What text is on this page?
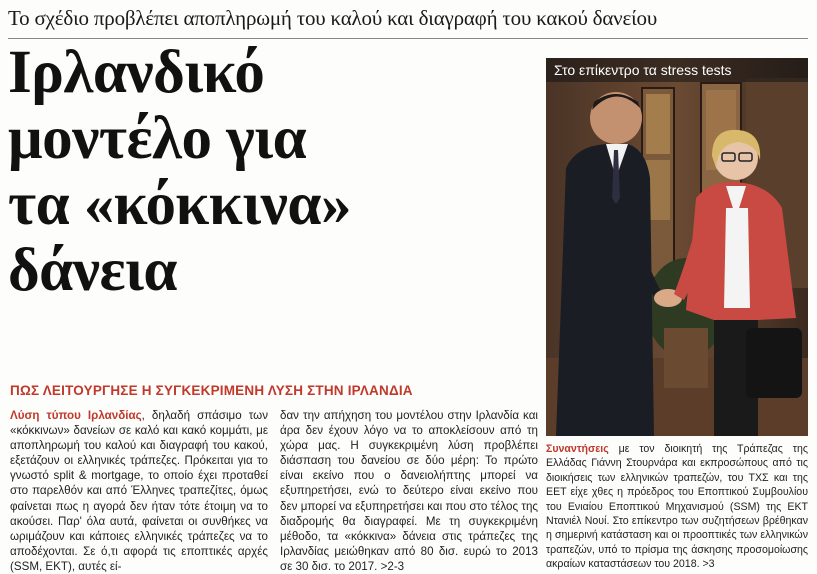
Το σχέδιο προβλέπει αποπληρωμή του καλού και διαγραφή του κακού δανείου
Ιρλανδικό
μοντέλο για
τα «κόκκινα»
δάνεια
ΠΩΣ ΛΕΙΤΟΥΡΓΗΣΕ Η ΣΥΓΚΕΚΡΙΜΕΝΗ ΛΥΣΗ ΣΤΗΝ ΙΡΛΑΝΔΙΑ

Λύση τύπου Ιρλανδίας, δηλαδή σπάσιμο των «κόκκινων» δανείων σε καλό και κακό κομμάτι, με αποπληρωμή του καλού και διαγραφή του κακού, εξετάζουν οι ελληνικές τράπεζες. Πρόκειται για το γνωστό split & mortgage, το οποίο έχει προταθεί στο παρελθόν και από Έλληνες τραπεζίτες, όμως φαίνεται πως η αγορά δεν ήταν τότε έτοιμη να το ακούσει. Παρ' όλα αυτά, φαίνεται οι συνθήκες να ωριμάζουν και κάποιες ελληνικές τράπεζες να το αποδέχονται. Σε ό,τι αφορά τις εποπτικές αρχές (SSM, ΕΚΤ), αυτές εί-

δαν την απήχηση του μοντέλου στην Ιρλανδία και άρα δεν έχουν λόγο να το αποκλείσουν από τη χώρα μας. Η συγκεκριμένη λύση προβλέπει διάσπαση του δανείου σε δύο μέρη: Το πρώτο είναι εκείνο που ο δανειολήπτης μπορεί να εξυπηρετήσει, ενώ το δεύτερο είναι εκείνο που δεν μπορεί να εξυπηρετήσει και που στο τέλος της διαδρομής θα διαγραφεί. Με τη συγκεκριμένη μέθοδο, τα «κόκκινα» δάνεια στις τράπεζες της Ιρλανδίας μειώθηκαν από 80 δισ. ευρώ το 2013 σε 30 δισ. το 2017. >2-3

Στο επίκεντρο τα stress tests
Συναντήσεις με τον διοικητή της Τράπεζας της Ελλάδας Γιάννη Στουρνάρα και εκπροσώπους από τις διοικήσεις των ελληνικών τραπεζών, του ΤΧΣ και της ΕΕΤ είχε χθες η πρόεδρος του Εποπτικού Συμβουλίου του Ενιαίου Εποπτικού Μηχανισμού (SSM) της ΕΚΤ Ντανιέλ Νουί. Στο επίκεντρο των συζητήσεων βρέθηκαν η σημερινή κατάσταση και οι προοπτικές των ελληνικών τραπεζών, υπό το πρίσμα της άσκησης προσομοίωσης ακραίων καταστάσεων του 2018. >3
